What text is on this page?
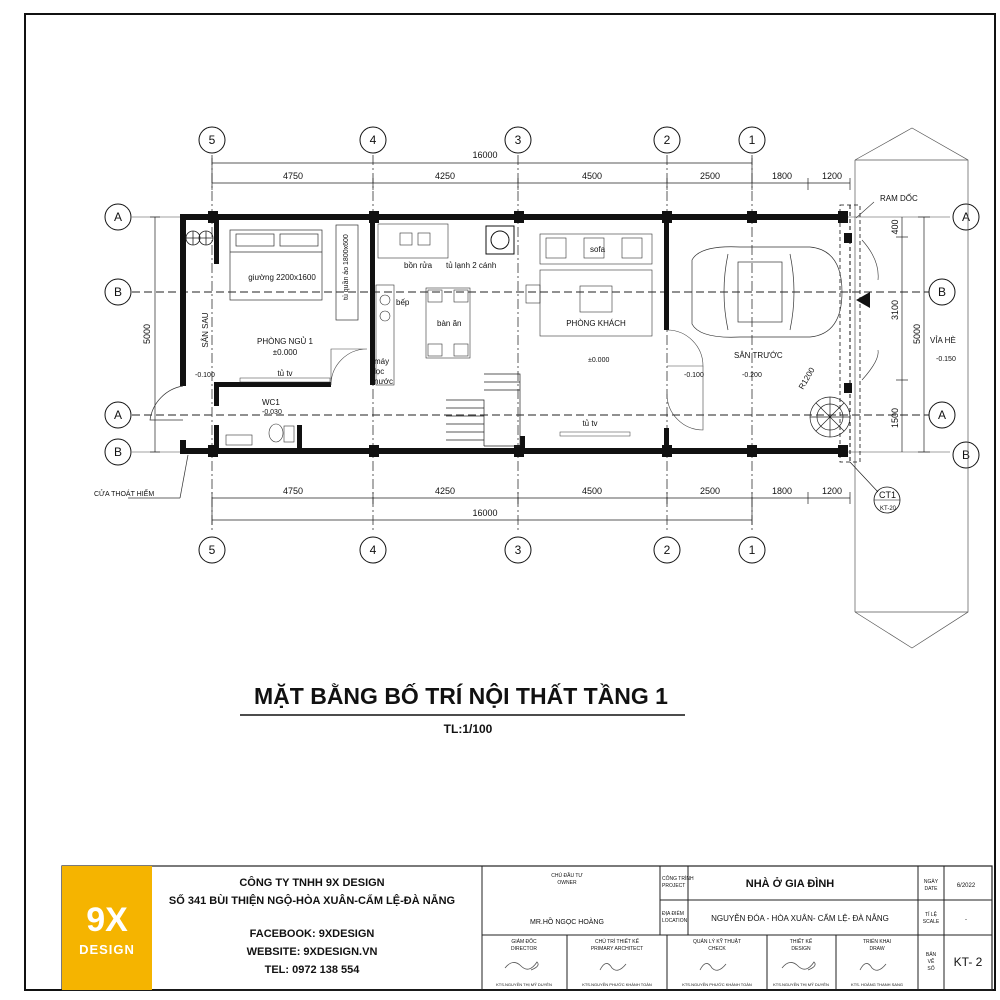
5	4	3	2	1
5	4	3	2	1
A
B
A
B
A
B
A
B
16000
4750	4250	4500	2500	1800	1200
4750	4250	4500	2500	1800	1200
16000
5000
400
3100
1500
5000
giường 2200x1600	tủ quần áo 1800x600
PHÒNG NGỦ 1
±0.000
tủ tv
SÂN SAU
-0.100
CỬA THOÁT HIỂM
WC1
-0.030
bồn rửa tủ lạnh 2 cánh
bếp
máy
lọc
nước
bàn ăn
sofa
PHÒNG KHÁCH
±0.000
tủ tv
-0.100
SÂN TRƯỚC
-0.200	R1200
RAM DỐC
VỈA HÈ
-0.150
CT1
KT-20
MẶT BẰNG BỐ TRÍ NỘI THẤT TẦNG 1
TL:1/100
9X
DESIGN
CÔNG TY TNHH 9X DESIGN
SỐ 341 BÙI THIỆN NGỘ-HÒA XUÂN-CẨM LỆ-ĐÀ NẴNG
FACEBOOK: 9XDESIGN
WEBSITE: 9XDESIGN.VN
TEL: 0972 138 554
CHỦ ĐẦU TƯ
OWNER
MR.HỒ NGỌC HOÀNG
CÔNG TRÌNH
PROJECT	NHÀ Ở GIA ĐÌNH
ĐỊA ĐIỂM
LOCATION	NGUYỄN ĐÓA - HÒA XUÂN- CẨM LỆ- ĐÀ NẴNG
NGÀY
DATE	6/2022
TỈ LỆ
SCALE	-
BẢN
VẼ
SỐ KT- 2
GIÁM ĐỐC
DIRECTOR
KTS.NGUYỄN THỊ MỸ DUYÊN
CHỦ TRÌ THIẾT KẾ
PRIMARY ARCHITECT
KTS.NGUYỄN PHƯỚC KHÁNH TOÀN
QUẢN LÝ KỸ THUẬT
CHECK
KTS.NGUYỄN PHƯỚC KHÁNH TOÀN
THIẾT KẾ
DESIGN
KTS.NGUYỄN THỊ MỸ DUYÊN
TRIỂN KHAI
DRAW
KTS. HOÀNG THANH SANG
